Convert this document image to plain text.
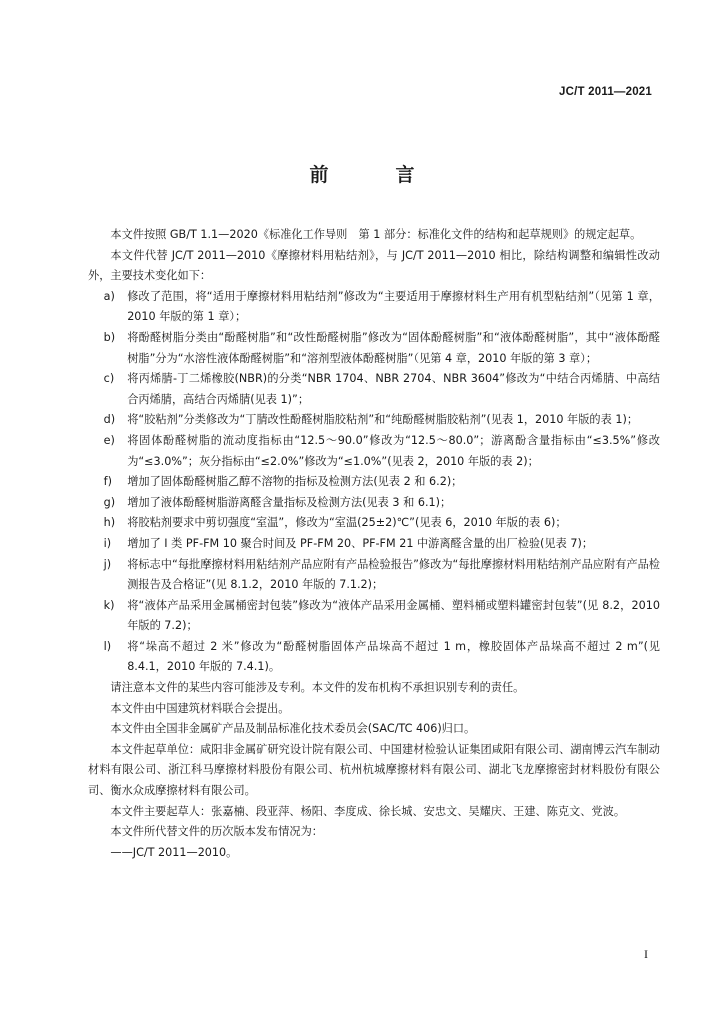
JC/T 2011—2021
前　言

本文件按照 GB/T 1.1—2020《标准化工作导则　第 1 部分：标准化文件的结构和起草规则》的规定起草。

本文件代替 JC/T 2011—2010《摩擦材料用粘结剂》，与 JC/T 2011—2010 相比，除结构调整和编辑性改动外，主要技术变化如下：

a)	修改了范围，将“适用于摩擦材料用粘结剂”修改为“主要适用于摩擦材料生产用有机型粘结剂”（见第 1 章，2010 年版的第 1 章）；
b)	将酚醛树脂分类由“酚醛树脂”和“改性酚醛树脂”修改为“固体酚醛树脂”和“液体酚醛树脂”，其中“液体酚醛树脂”分为“水溶性液体酚醛树脂”和“溶剂型液体酚醛树脂”（见第 4 章，2010 年版的第 3 章）；
c)	将丙烯腈-丁二烯橡胶(NBR)的分类“NBR 1704、NBR 2704、NBR 3604”修改为“中结合丙烯腈、中高结合丙烯腈，高结合丙烯腈(见表 1)”；
d)	将“胶粘剂”分类修改为“丁腈改性酚醛树脂胶粘剂”和“纯酚醛树脂胶粘剂”(见表 1，2010 年版的表 1)；
e)	将固体酚醛树脂的流动度指标由“12.5～90.0”修改为“12.5～80.0”；游离酚含量指标由“≤3.5%”修改为“≤3.0%”；灰分指标由“≤2.0%”修改为“≤1.0%”(见表 2，2010 年版的表 2)；
f)	增加了固体酚醛树脂乙醇不溶物的指标及检测方法(见表 2 和 6.2)；
g)	增加了液体酚醛树脂游离醛含量指标及检测方法(见表 3 和 6.1)；
h)	将胶粘剂要求中剪切强度“室温”，修改为“室温(25±2)℃”(见表 6，2010 年版的表 6)；
i)	增加了 I 类 PF-FM 10 聚合时间及 PF-FM 20、PF-FM 21 中游离醛含量的出厂检验(见表 7)；
j)	将标志中“每批摩擦材料用粘结剂产品应附有产品检验报告”修改为“每批摩擦材料用粘结剂产品应附有产品检测报告及合格证”(见 8.1.2，2010 年版的 7.1.2)；
k)	将“液体产品采用金属桶密封包装”修改为“液体产品采用金属桶、塑料桶或塑料罐密封包装”(见 8.2，2010 年版的 7.2)；
l)	将“垛高不超过 2 米”修改为“酚醛树脂固体产品垛高不超过 1 m，橡胶固体产品垛高不超过 2 m”(见 8.4.1，2010 年版的 7.4.1)。

请注意本文件的某些内容可能涉及专利。本文件的发布机构不承担识别专利的责任。

本文件由中国建筑材料联合会提出。

本文件由全国非金属矿产品及制品标准化技术委员会(SAC/TC 406)归口。

本文件起草单位：咸阳非金属矿研究设计院有限公司、中国建材检验认证集团咸阳有限公司、湖南博云汽车制动材料有限公司、浙江科马摩擦材料股份有限公司、杭州杭城摩擦材料有限公司、湖北飞龙摩擦密封材料股份有限公司、衡水众成摩擦材料有限公司。

本文件主要起草人：张嘉楠、段亚萍、杨阳、李度成、徐长城、安忠文、吴耀庆、王建、陈克文、党波。

本文件所代替文件的历次版本发布情况为：

——JC/T 2011—2010。

I
